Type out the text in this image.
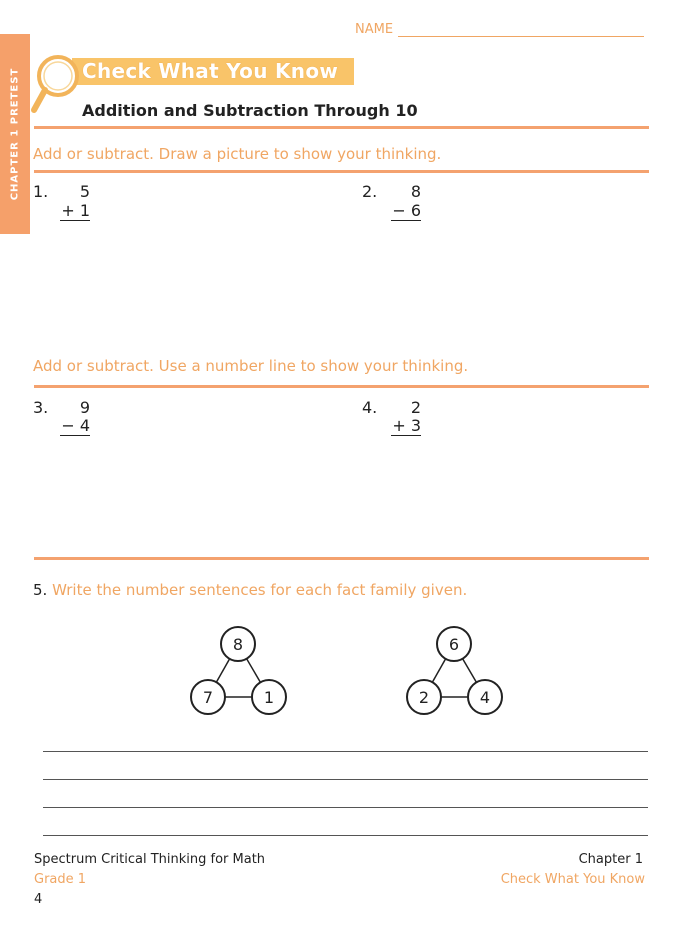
CHAPTER 1 PRETEST
NAME
Check What You Know
Addition and Subtraction Through 10
Add or subtract. Draw a picture to show your thinking.
1.	5
+ 1
2.	8
− 6
Add or subtract. Use a number line to show your thinking.
3.	9
− 4
4.	2
+ 3
5. Write the number sentences for each fact family given.
8
7	1
6
2	4
Spectrum Critical Thinking for Math
Grade 1
4
Chapter 1
Check What You Know
